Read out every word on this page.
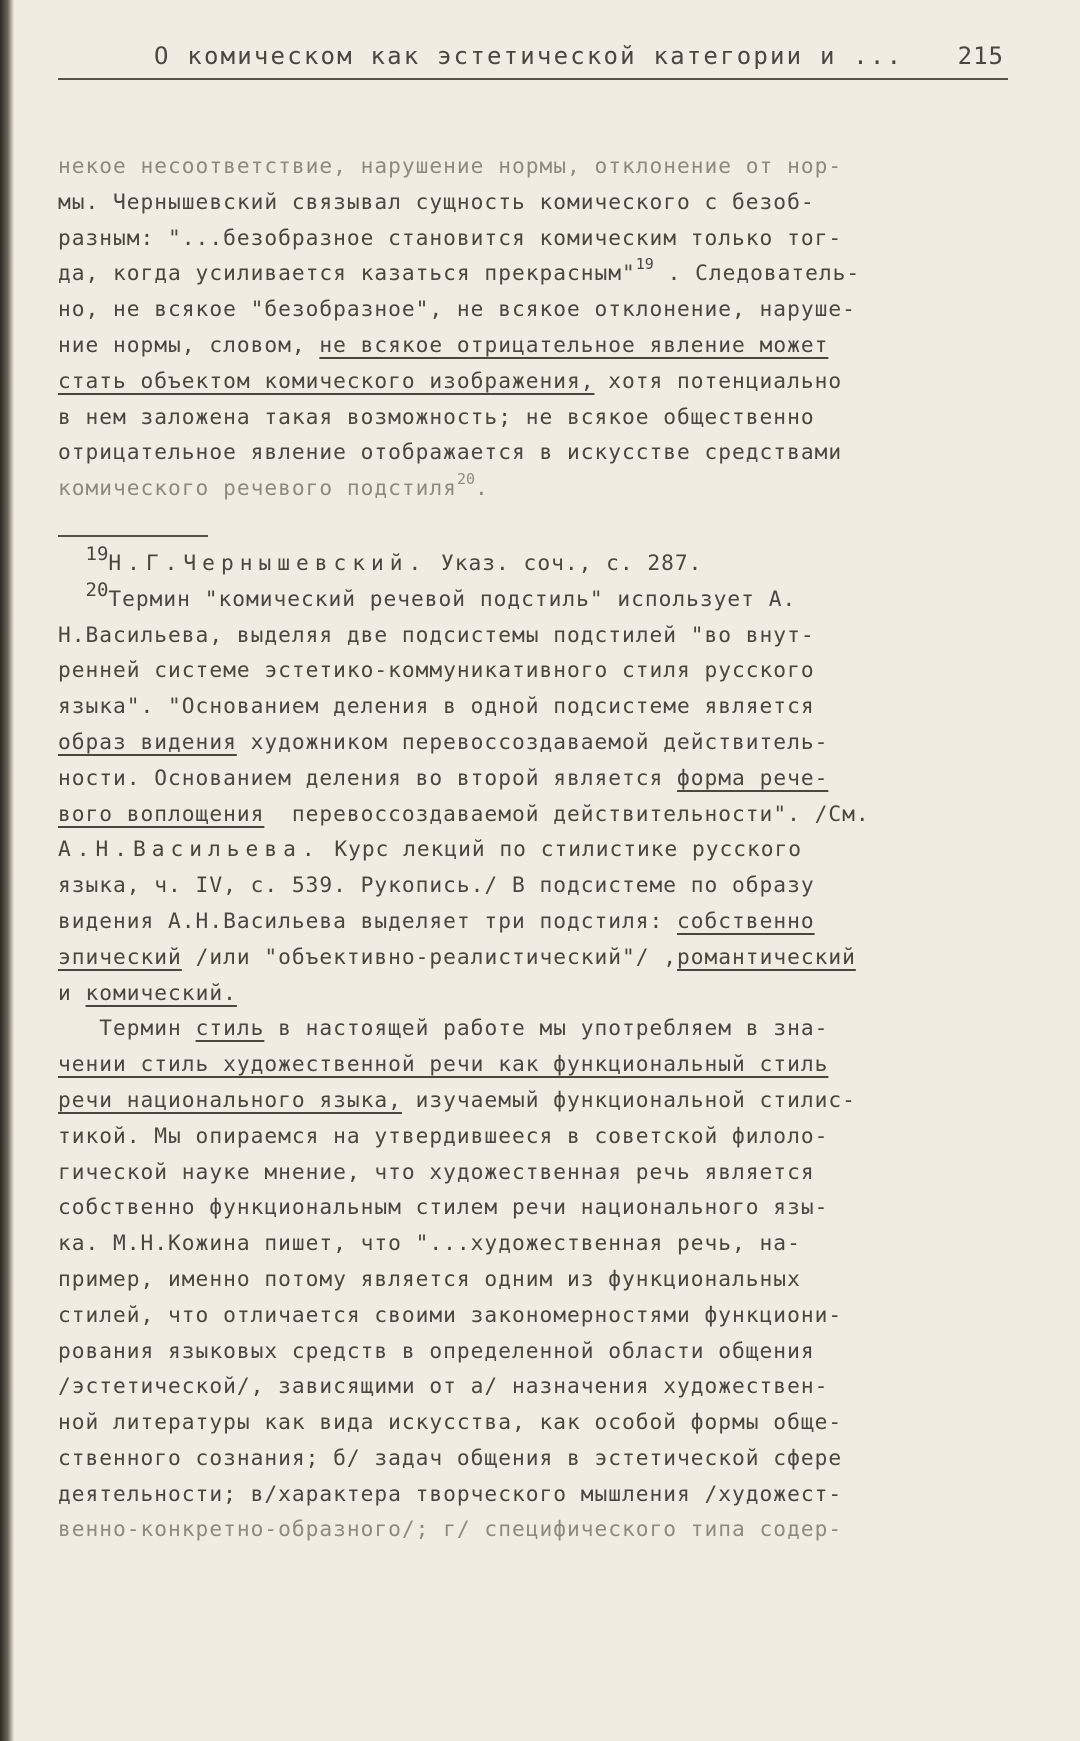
О комическом как эстетической категории и ... 215
некое несоответствие, нарушение нормы, отклонение от нор-
мы. Чернышевский связывал сущность комического с безоб-
разным: "...безобразное становится комическим только тог-
да, когда усиливается казаться прекрасным"$^{19}$ . Следователь-
но, не всякое "безобразное", не всякое отклонение, наруше-
ние нормы, словом, не всякое отрицательное явление может
стать объектом комического изображения, хотя потенциально
в нем заложена такая возможность; не всякое общественно
отрицательное явление отображается в искусстве средствами
комического речевого подстиля$^{20}$.
19Н.Г.Чернышевский. Указ. соч., с. 287.
20Термин "комический речевой подстиль" использует А.
Н.Васильева, выделяя две подсистемы подстилей "во внут-
ренней системе эстетико-коммуникативного стиля русского
языка". "Основанием деления в одной подсистеме является
образ видения художником перевоссоздаваемой действитель-
ности. Основанием деления во второй является форма рече-
вого воплощения  перевоссоздаваемой действительности". /См.
А.Н.Васильева. Курс лекций по стилистике русского
языка, ч. IV, с. 539. Рукопись./ В подсистеме по образу
видения А.Н.Васильева выделяет три подстиля: собственно
эпический /или "объективно-реалистический"/ ,романтический
и комический.
Термин стиль в настоящей работе мы употребляем в зна-
чении стиль художественной речи как функциональный стиль
речи национального языка, изучаемый функциональной стилис-
тикой. Мы опираемся на утвердившееся в советской филоло-
гической науке мнение, что художественная речь является
собственно функциональным стилем речи национального язы-
ка. М.Н.Кожина пишет, что "...художественная речь, на-
пример, именно потому является одним из функциональных
стилей, что отличается своими закономерностями функциони-
рования языковых средств в определенной области общения
/эстетической/, зависящими от а/ назначения художествен-
ной литературы как вида искусства, как особой формы обще-
ственного сознания; б/ задач общения в эстетической сфере
деятельности; в/характера творческого мышления /художест-
венно-конкретно-образного/; г/ специфического типа содер-
